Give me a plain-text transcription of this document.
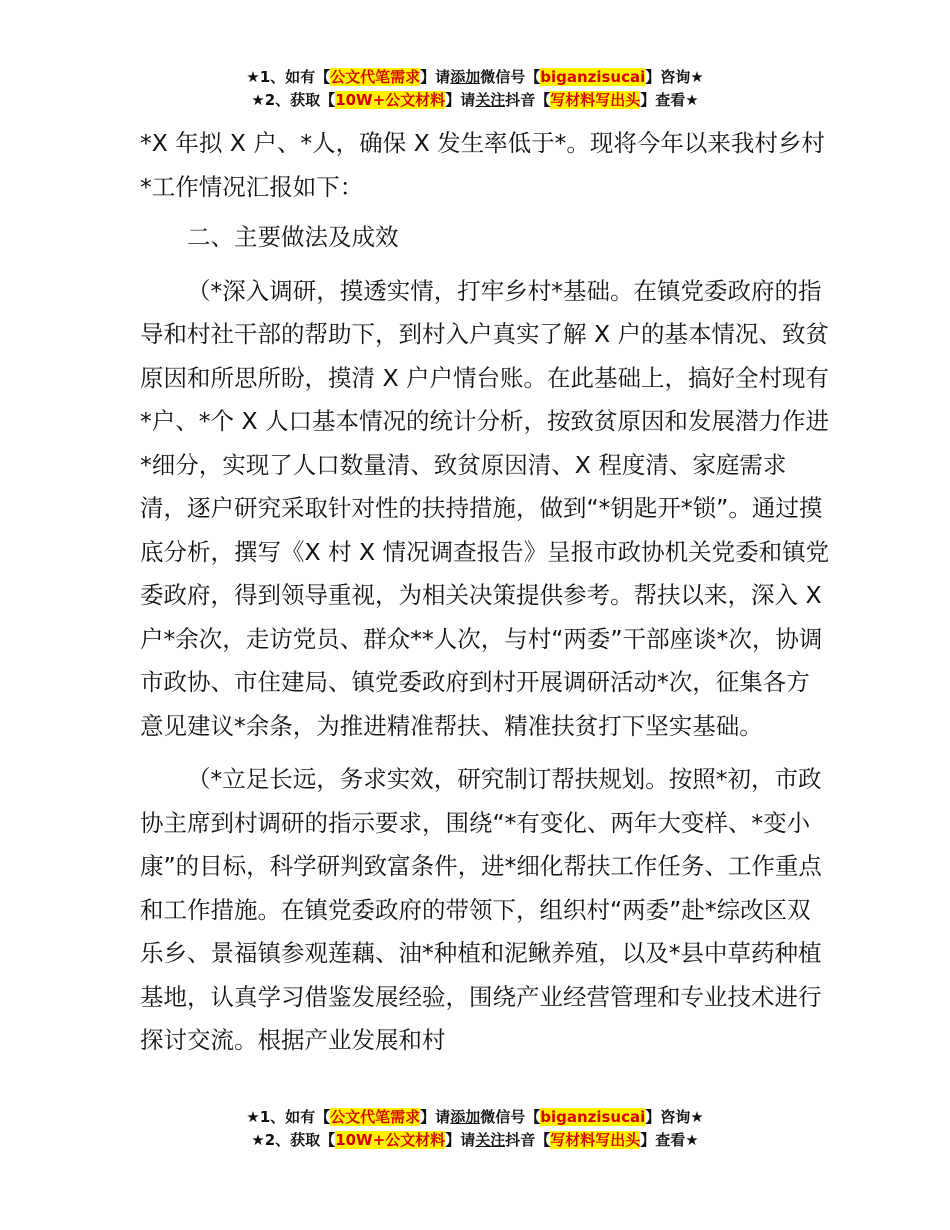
★1、如有【公文代笔需求】请添加微信号【biganzisucai】咨询★
★2、获取【10W+公文材料】请关注抖音【写材料写出头】查看★

*X 年拟 X 户、*人，确保 X 发生率低于*。现将今年以来我村乡村*工作情况汇报如下：

二、主要做法及成效

（*深入调研，摸透实情，打牢乡村*基础。在镇党委政府的指导和村社干部的帮助下，到村入户真实了解 X 户的基本情况、致贫原因和所思所盼，摸清 X 户户情台账。在此基础上，搞好全村现有*户、*个 X 人口基本情况的统计分析，按致贫原因和发展潜力作进*细分，实现了人口数量清、致贫原因清、X 程度清、家庭需求清，逐户研究采取针对性的扶持措施，做到“*钥匙开*锁”。通过摸底分析，撰写《X 村 X 情况调查报告》呈报市政协机关党委和镇党委政府，得到领导重视，为相关决策提供参考。帮扶以来，深入 X 户*余次，走访党员、群众**人次，与村“两委”干部座谈*次，协调市政协、市住建局、镇党委政府到村开展调研活动*次，征集各方意见建议*余条，为推进精准帮扶、精准扶贫打下坚实基础。

（*立足长远，务求实效，研究制订帮扶规划。按照*初，市政协主席到村调研的指示要求，围绕“*有变化、两年大变样、*变小康”的目标，科学研判致富条件，进*细化帮扶工作任务、工作重点和工作措施。在镇党委政府的带领下，组织村“两委”赴*综改区双乐乡、景福镇参观莲藕、油*种植和泥鳅养殖，以及*县中草药种植基地，认真学习借鉴发展经验，围绕产业经营管理和专业技术进行探讨交流。根据产业发展和村

★1、如有【公文代笔需求】请添加微信号【biganzisucai】咨询★
★2、获取【10W+公文材料】请关注抖音【写材料写出头】查看★
